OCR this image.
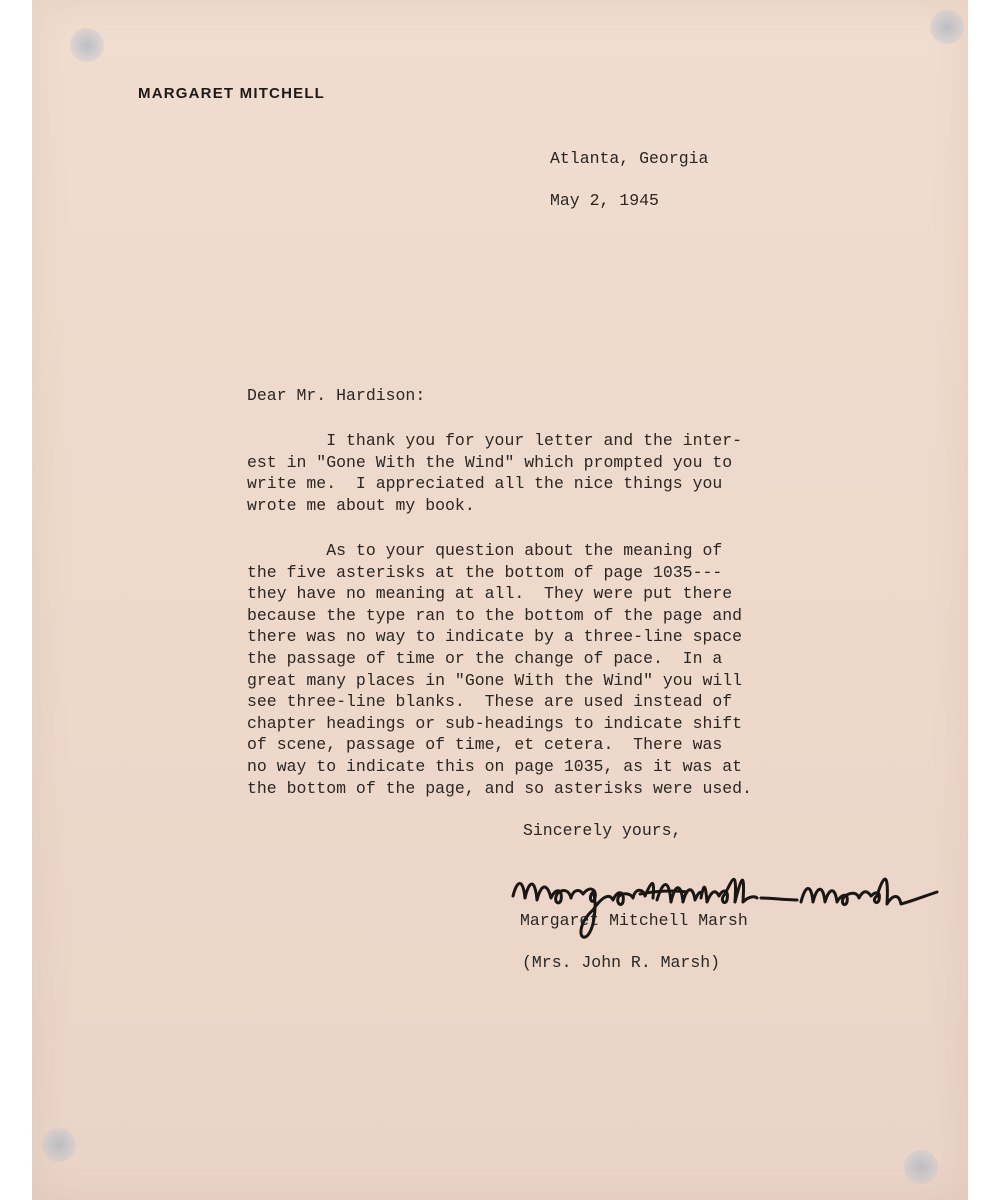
MARGARET MITCHELL
Atlanta, Georgia
May 2, 1945
Dear Mr. Hardison:
I thank you for your letter and the inter-
est in "Gone With the Wind" which prompted you to
write me.  I appreciated all the nice things you
wrote me about my book.
As to your question about the meaning of
the five asterisks at the bottom of page 1035---
they have no meaning at all.  They were put there
because the type ran to the bottom of the page and
there was no way to indicate by a three-line space
the passage of time or the change of pace.  In a
great many places in "Gone With the Wind" you will
see three-line blanks.  These are used instead of
chapter headings or sub-headings to indicate shift
of scene, passage of time, et cetera.  There was
no way to indicate this on page 1035, as it was at
the bottom of the page, and so asterisks were used.
Sincerely yours,
Margaret Mitchell Marsh
(Mrs. John R. Marsh)
